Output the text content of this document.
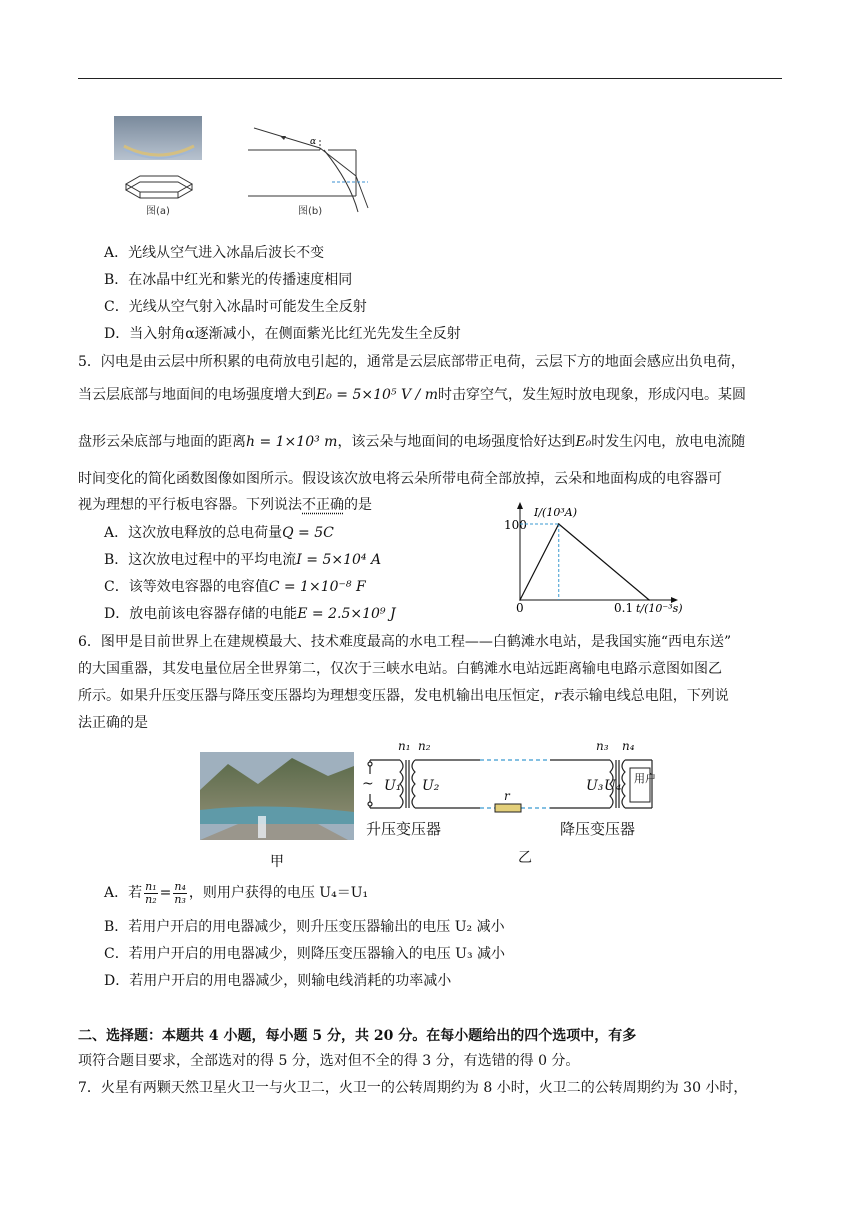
图(a)
α
图(b)
A．光线从空气进入冰晶后波长不变
B．在冰晶中红光和紫光的传播速度相同
C．光线从空气射入冰晶时可能发生全反射
D．当入射角α逐渐减小，在侧面紫光比红光先发生全反射
5．闪电是由云层中所积累的电荷放电引起的，通常是云层底部带正电荷，云层下方的地面会感应出负电荷，
当云层底部与地面间的电场强度增大到E₀ = 5×10⁵ V / m时击穿空气，发生短时放电现象，形成闪电。某圆
盘形云朵底部与地面的距离h = 1×10³ m，该云朵与地面间的电场强度恰好达到E₀时发生闪电，放电电流随
时间变化的简化函数图像如图所示。假设该次放电将云朵所带电荷全部放掉，云朵和地面构成的电容器可
视为理想的平行板电容器。下列说法不正确的是
A．这次放电释放的总电荷量Q = 5C
B．这次放电过程中的平均电流I = 5×10⁴ A
C．该等效电容器的电容值C = 1×10⁻⁸ F
D．放电前该电容器存储的电能E = 2.5×10⁹ J
I/(10³A)
100
0.1
0	t/(10⁻³s)
6．图甲是目前世界上在建规模最大、技术难度最高的水电工程——白鹤滩水电站，是我国实施“西电东送”
的大国重器，其发电量位居全世界第二，仅次于三峡水电站。白鹤滩水电站远距离输电电路示意图如图乙
所示。如果升压变压器与降压变压器均为理想变压器，发电机输出电压恒定，r表示输电线总电阻，下列说
法正确的是
甲
n₁ n₂	n₃ n₄
~ U₁ U₂	U₃ U₄
r
用户
升压变压器	降压变压器
乙
A．若 $\frac{\text{n₁}}{\text{n₂}} = \frac{\text{n₄}}{\text{n₃}}$ ，则用户获得的电压 U₄＝U₁
B．若用户开启的用电器减少，则升压变压器输出的电压 U₂ 减小
C．若用户开启的用电器减少，则降压变压器输入的电压 U₃ 减小
D．若用户开启的用电器减少，则输电线消耗的功率减小
二、选择题：本题共 4 小题，每小题 5 分，共 20 分。在每小题给出的四个选项中，有多
项符合题目要求，全部选对的得 5 分，选对但不全的得 3 分，有选错的得 0 分。
7．火星有两颗天然卫星火卫一与火卫二，火卫一的公转周期约为 8 小时，火卫二的公转周期约为 30 小时，
